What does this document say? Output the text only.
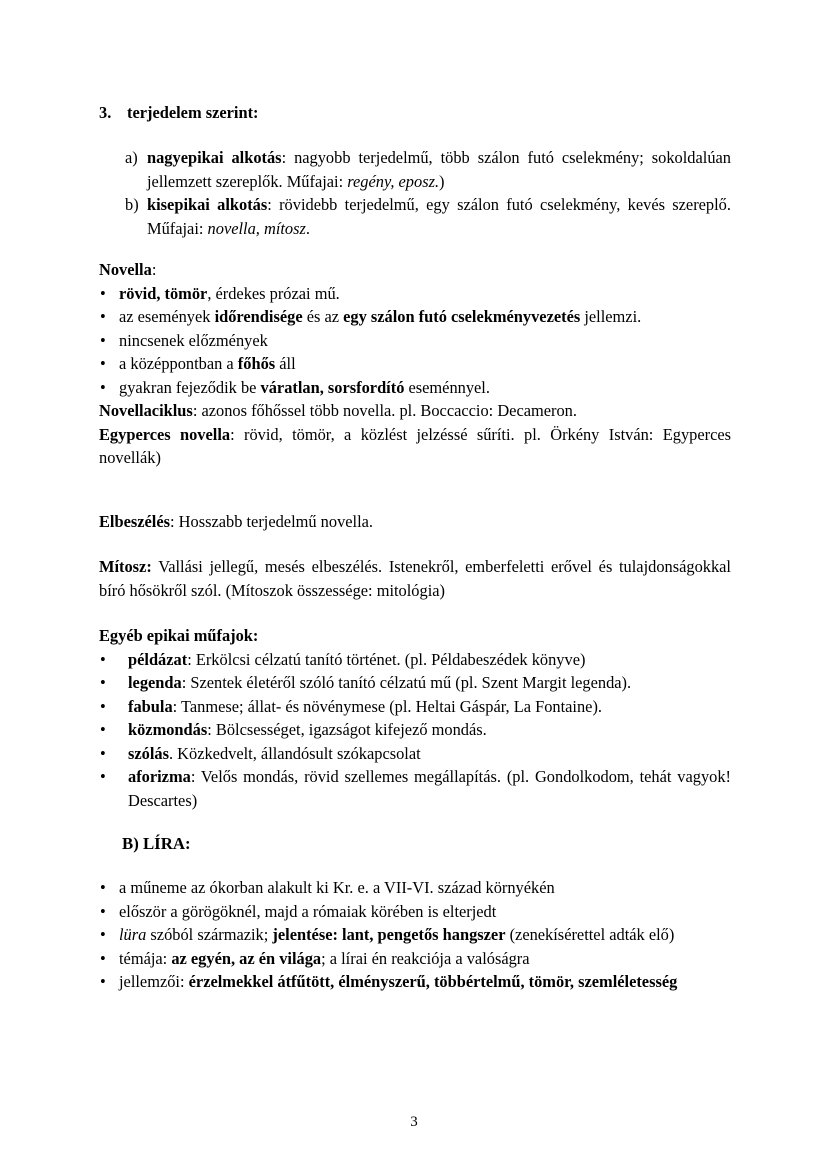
3. terjedelem szerint:
a) nagyepikai alkotás: nagyobb terjedelmű, több szálon futó cselekmény; sokoldalúan jellemzett szereplők. Műfajai: regény, eposz.)
b) kisepikai alkotás: rövidebb terjedelmű, egy szálon futó cselekmény, kevés szereplő. Műfajai: novella, mítosz.
Novella:
• rövid, tömör, érdekes prózai mű.
• az események időrendisége és az egy szálon futó cselekményvezetés jellemzi.
• nincsenek előzmények
• a középpontban a főhős áll
• gyakran fejeződik be váratlan, sorsfordító eseménnyel.
Novellaciklus: azonos főhőssel több novella. pl. Boccaccio: Decameron.
Egyperces novella: rövid, tömör, a közlést jelzéssé sűríti. pl. Örkény István: Egyperces novellák)
Elbeszélés: Hosszabb terjedelmű novella.
Mítosz: Vallási jellegű, mesés elbeszélés. Istenekről, emberfeletti erővel és tulajdonságokkal bíró hősökről szól. (Mítoszok összessége: mitológia)
Egyéb epikai műfajok:
• példázat: Erkölcsi célzatú tanító történet. (pl. Példabeszédek könyve)
• legenda: Szentek életéről szóló tanító célzatú mű (pl. Szent Margit legenda).
• fabula: Tanmese; állat- és növénymese (pl. Heltai Gáspár, La Fontaine).
• közmondás: Bölcsességet, igazságot kifejező mondás.
• szólás. Közkedvelt, állandósult szókapcsolat
• aforizma: Velős mondás, rövid szellemes megállapítás. (pl. Gondolkodom, tehát vagyok! Descartes)
B) LÍRA:
• a műneme az ókorban alakult ki Kr. e. a VII-VI. század környékén
• először a görögöknél, majd a rómaiak körében is elterjedt
• lüra szóból származik; jelentése: lant, pengetős hangszer (zenekísérettel adták elő)
• témája: az egyén, az én világa; a lírai én reakciója a valóságra
• jellemzői: érzelmekkel átfűtött, élményszerű, többértelmű, tömör, szemléletesség
3
